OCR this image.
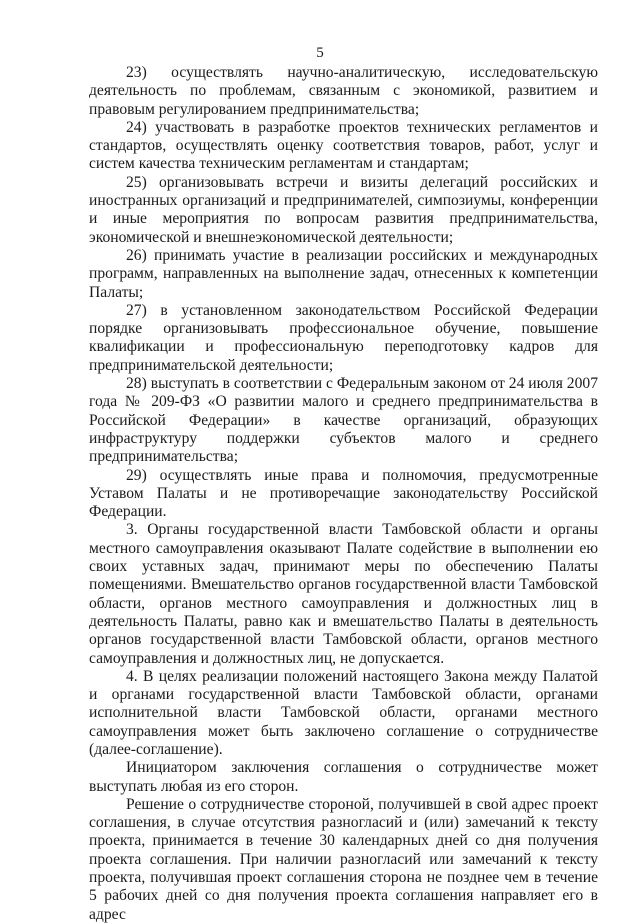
5

23) осуществлять научно-аналитическую, исследовательскую деятельность по проблемам, связанным с экономикой, развитием и правовым регулированием предпринимательства;

24) участвовать в разработке проектов технических регламентов и стандартов, осуществлять оценку соответствия товаров, работ, услуг и систем качества техническим регламентам и стандартам;

25) организовывать встречи и визиты делегаций российских и иностранных организаций и предпринимателей, симпозиумы, конференции и иные мероприятия по вопросам развития предпринимательства, экономической и внешнеэкономической деятельности;

26) принимать участие в реализации российских и международных программ, направленных на выполнение задач, отнесенных к компетенции Палаты;

27) в установленном законодательством Российской Федерации порядке организовывать профессиональное обучение, повышение квалификации и профессиональную переподготовку кадров для предпринимательской деятельности;

28) выступать в соответствии с Федеральным законом от 24 июля 2007 года № 209-ФЗ «О развитии малого и среднего предпринимательства в Российской Федерации» в качестве организаций, образующих инфраструктуру поддержки субъектов малого и среднего предпринимательства;

29) осуществлять иные права и полномочия, предусмотренные Уставом Палаты и не противоречащие законодательству Российской Федерации.

3. Органы государственной власти Тамбовской области и органы местного самоуправления оказывают Палате содействие в выполнении ею своих уставных задач, принимают меры по обеспечению Палаты помещениями. Вмешательство органов государственной власти Тамбовской области, органов местного самоуправления и должностных лиц в деятельность Палаты, равно как и вмешательство Палаты в деятельность органов государственной власти Тамбовской области, органов местного самоуправления и должностных лиц, не допускается.

4. В целях реализации положений настоящего Закона между Палатой и органами государственной власти Тамбовской области, органами исполнительной власти Тамбовской области, органами местного самоуправления может быть заключено соглашение о сотрудничестве (далее-соглашение).

Инициатором заключения соглашения о сотрудничестве может выступать любая из его сторон.

Решение о сотрудничестве стороной, получившей в свой адрес проект соглашения, в случае отсутствия разногласий и (или) замечаний к тексту проекта, принимается в течение 30 календарных дней со дня получения проекта соглашения. При наличии разногласий или замечаний к тексту проекта, получившая проект соглашения сторона не позднее чем в течение 5 рабочих дней со дня получения проекта соглашения направляет его в адрес
